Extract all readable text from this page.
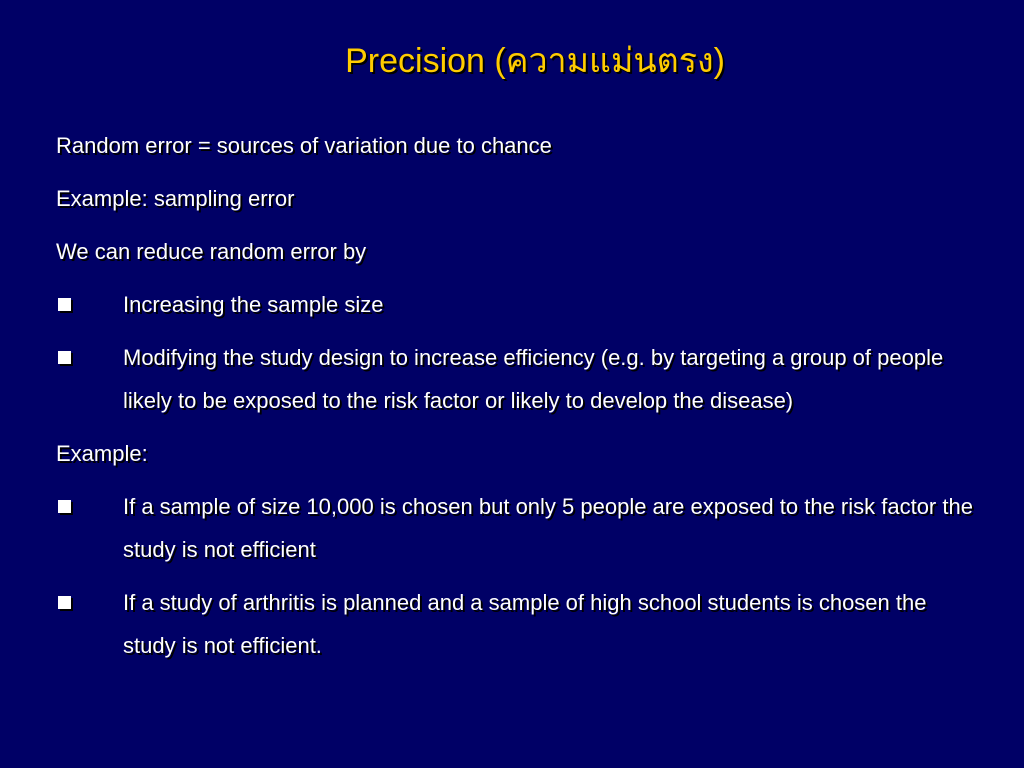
Precision (ความแม่นตรง)

Random error = sources of variation due to chance

Example: sampling error

We can reduce random error by

Increasing the sample size
Modifying the study design to increase efficiency (e.g. by targeting a group of people likely to be exposed to the risk factor or likely to develop the disease)

Example:

If a sample of size 10,000 is chosen but only 5 people are exposed to the risk factor the study is not efficient
If a study of arthritis is planned and a sample of high school students is chosen the study is not efficient.
